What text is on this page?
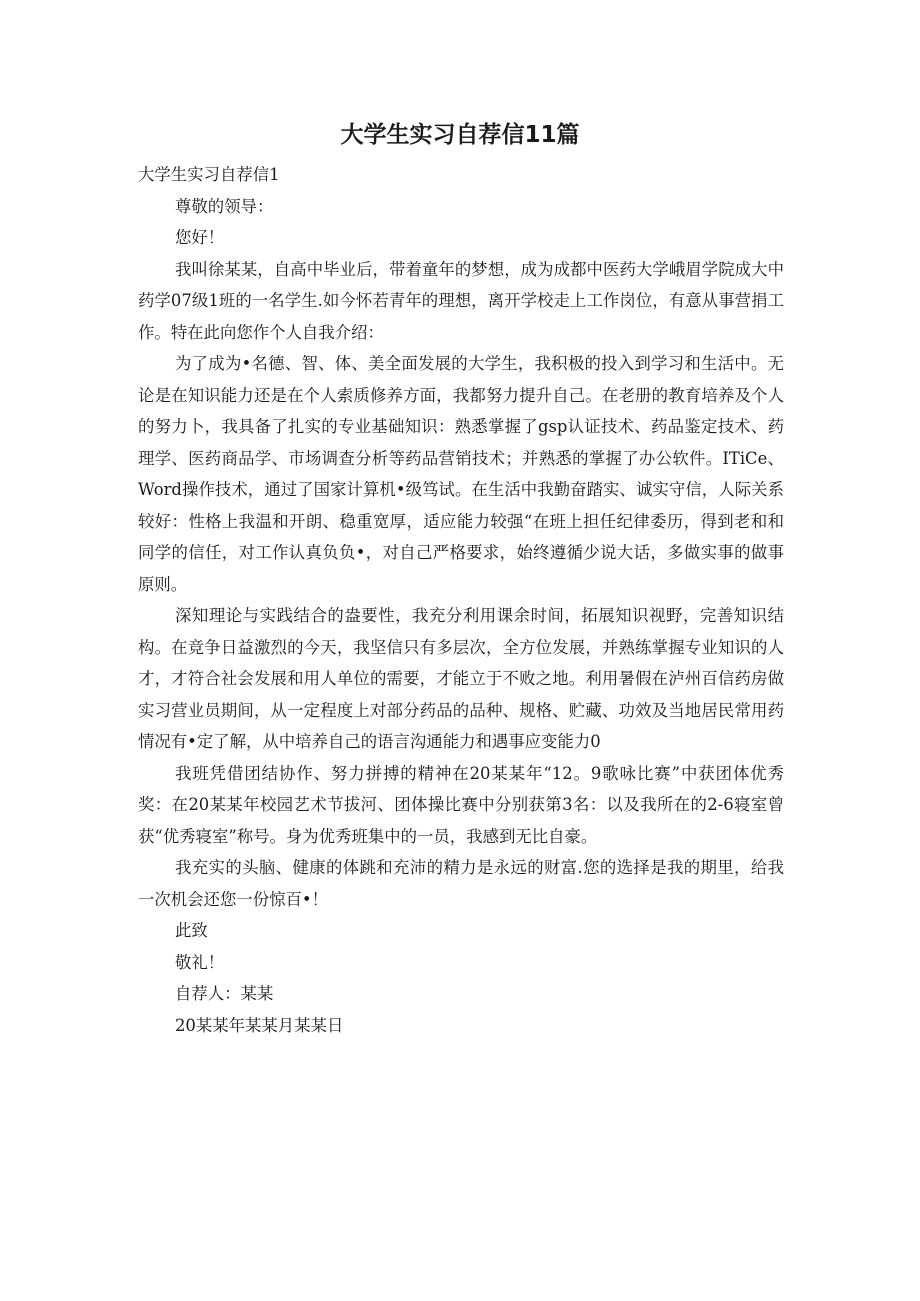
大学生实习自荐信11篇

大学生实习自荐信1

尊敬的领导：

您好！

我叫徐某某，自高中毕业后，带着童年的梦想，成为成都中医药大学峨眉学院成大中药学07级1班的一名学生.如今怀若青年的理想，离开学校走上工作岗位，有意从事营捐工作。特在此向您作个人自我介绍：

为了成为•名德、智、体、美全面发展的大学生，我积极的投入到学习和生活中。无论是在知识能力还是在个人索质修养方面，我都努力提升自己。在老册的教育培养及个人的努力卜，我具备了扎实的专业基础知识：熟悉掌握了gsp认证技术、药品鉴定技术、药理学、医药商品学、市场调查分析等药品营销技术；并熟悉的掌握了办公软件。ITiCe、Word操作技术，通过了国家计算机•级笃试。在生活中我勤奋踏实、诚实守信，人际关系较好：性格上我温和开朗、稳重宽厚，适应能力较强“在班上担任纪律委历，得到老和和同学的信任，对工作认真负负•，对自己严格要求，始终遵循少说大话，多做实事的做事原则。

深知理论与实践结合的盎要性，我充分利用课余时间，拓展知识视野，完善知识结构。在竞争日益激烈的今天，我坚信只有多层次，全方位发展，并熟练掌握专业知识的人才，才符合社会发展和用人单位的需要，才能立于不败之地。利用暑假在泸州百信药房做实习营业员期间，从一定程度上对部分药品的品种、规格、贮藏、功效及当地居民常用药情况有•定了解，从中培养自己的语言沟通能力和遇事应变能力0

我班凭借团结协作、努力拼搏的精神在20某某年“12。9歌咏比赛”中获团体优秀奖：在20某某年校园艺术节拔河、团体操比赛中分别获第3名：以及我所在的2-6寝室曾获“优秀寝室”称号。身为优秀班集中的一员，我感到无比自豪。

我充实的头脑、健康的体跳和充沛的精力是永远的财富.您的选择是我的期里，给我一次机会还您一份惊百•！

此致

敬礼！

自荐人：某某

20某某年某某月某某日
